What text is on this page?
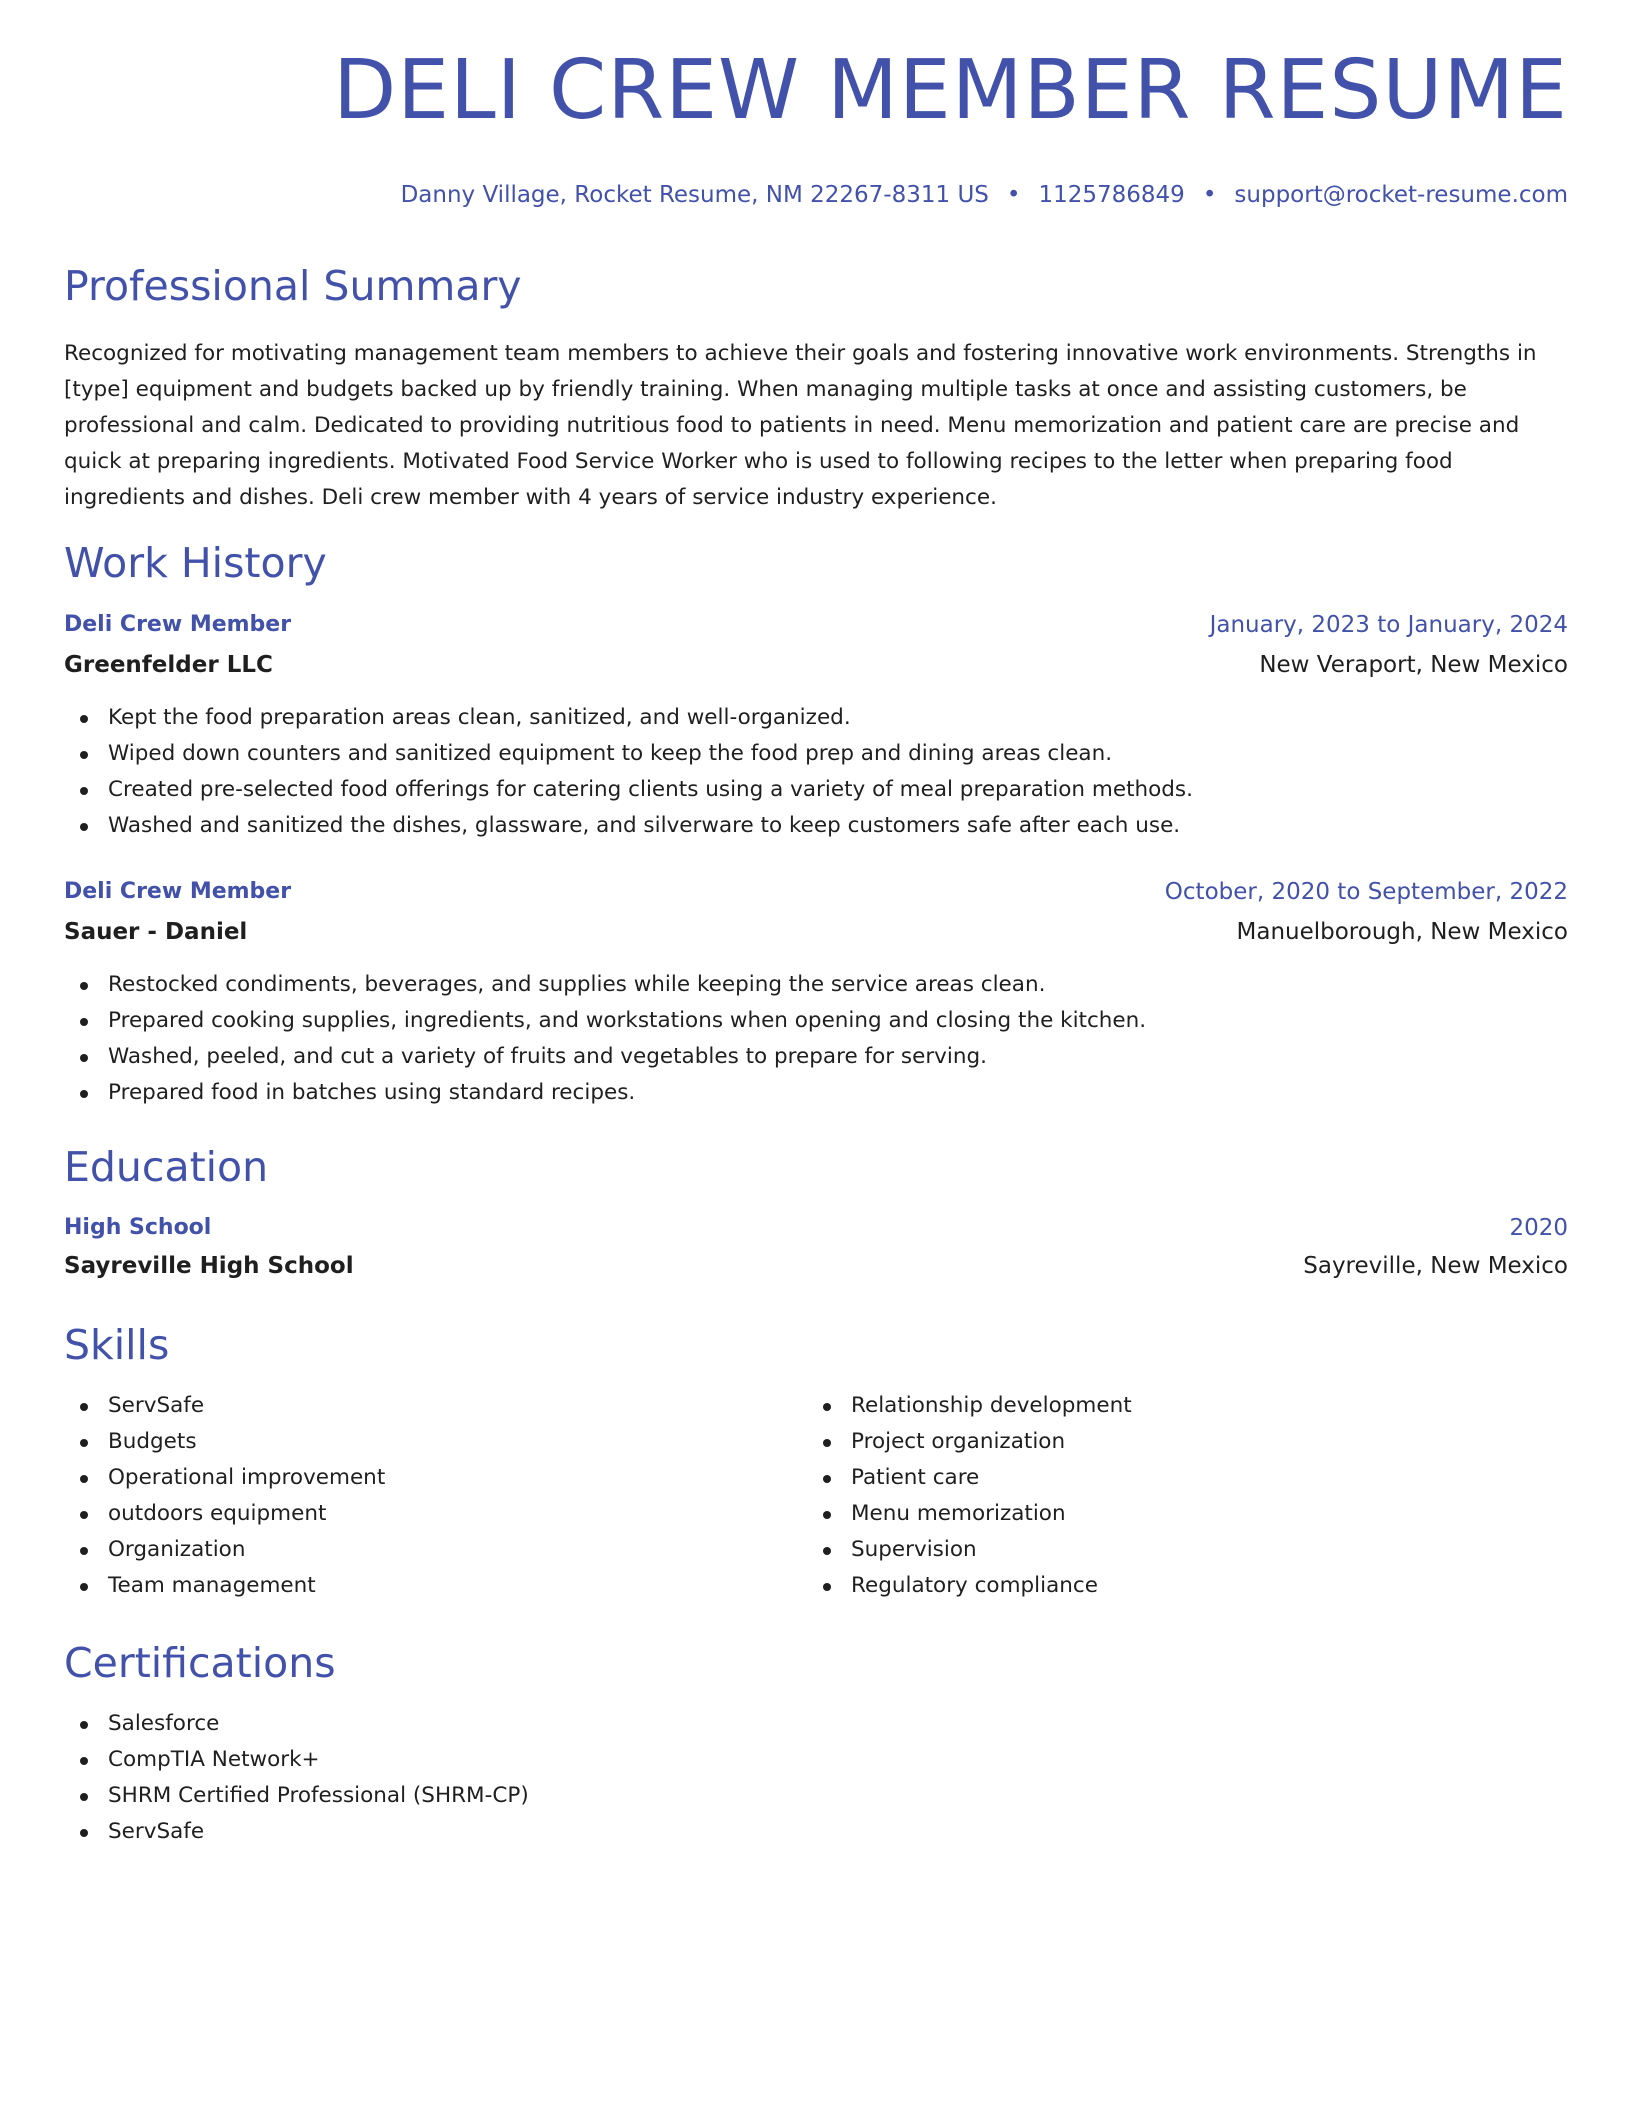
DELI CREW MEMBER RESUME
Danny Village, Rocket Resume, NM 22267-8311 US • 1125786849 • support@rocket-resume.com
Professional Summary

Recognized for motivating management team members to achieve their goals and fostering innovative work environments. Strengths in [type] equipment and budgets backed up by friendly training. When managing multiple tasks at once and assisting customers, be professional and calm. Dedicated to providing nutritious food to patients in need. Menu memorization and patient care are precise and quick at preparing ingredients. Motivated Food Service Worker who is used to following recipes to the letter when preparing food ingredients and dishes. Deli crew member with 4 years of service industry experience.

Work History
Deli Crew Member	January, 2023 to January, 2024
Greenfelder LLC	New Veraport, New Mexico
Kept the food preparation areas clean, sanitized, and well-organized.
Wiped down counters and sanitized equipment to keep the food prep and dining areas clean.
Created pre-selected food offerings for catering clients using a variety of meal preparation methods.
Washed and sanitized the dishes, glassware, and silverware to keep customers safe after each use.
Deli Crew Member	October, 2020 to September, 2022
Sauer - Daniel	Manuelborough, New Mexico
Restocked condiments, beverages, and supplies while keeping the service areas clean.
Prepared cooking supplies, ingredients, and workstations when opening and closing the kitchen.
Washed, peeled, and cut a variety of fruits and vegetables to prepare for serving.
Prepared food in batches using standard recipes.
Education
High School	2020
Sayreville High School	Sayreville, New Mexico
Skills
ServSafe
Budgets
Operational improvement
outdoors equipment
Organization
Team management
Relationship development
Project organization
Patient care
Menu memorization
Supervision
Regulatory compliance
Certifications
Salesforce
CompTIA Network+
SHRM Certified Professional (SHRM-CP)
ServSafe
